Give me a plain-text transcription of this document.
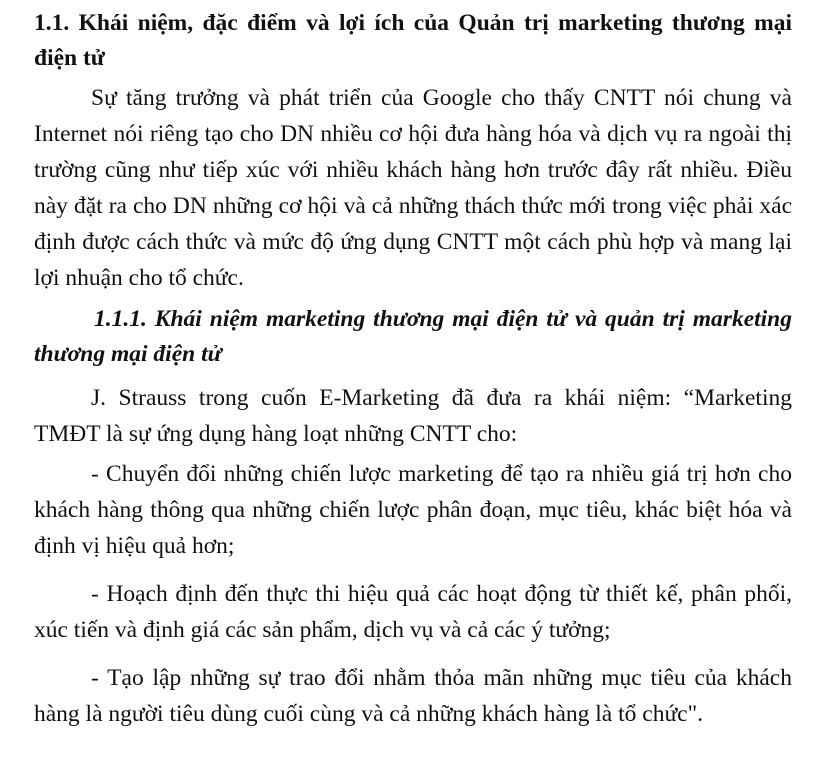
1.1. Khái niệm, đặc điểm và lợi ích của Quản trị marketing thương mại điện tử

Sự tăng trưởng và phát triển của Google cho thấy CNTT nói chung và Internet nói riêng tạo cho DN nhiều cơ hội đưa hàng hóa và dịch vụ ra ngoài thị trường cũng như tiếp xúc với nhiều khách hàng hơn trước đây rất nhiều. Điều này đặt ra cho DN những cơ hội và cả những thách thức mới trong việc phải xác định được cách thức và mức độ ứng dụng CNTT một cách phù hợp và mang lại lợi nhuận cho tổ chức.

1.1.1. Khái niệm marketing thương mại điện tử và quản trị marketing thương mại điện tử

J. Strauss trong cuốn E-Marketing đã đưa ra khái niệm: “Marketing TMĐT là sự ứng dụng hàng loạt những CNTT cho:

- Chuyển đổi những chiến lược marketing để tạo ra nhiều giá trị hơn cho khách hàng thông qua những chiến lược phân đoạn, mục tiêu, khác biệt hóa và định vị hiệu quả hơn;

- Hoạch định đến thực thi hiệu quả các hoạt động từ thiết kế, phân phối, xúc tiến và định giá các sản phẩm, dịch vụ và cả các ý tưởng;

- Tạo lập những sự trao đổi nhằm thỏa mãn những mục tiêu của khách hàng là người tiêu dùng cuối cùng và cả những khách hàng là tổ chức".
